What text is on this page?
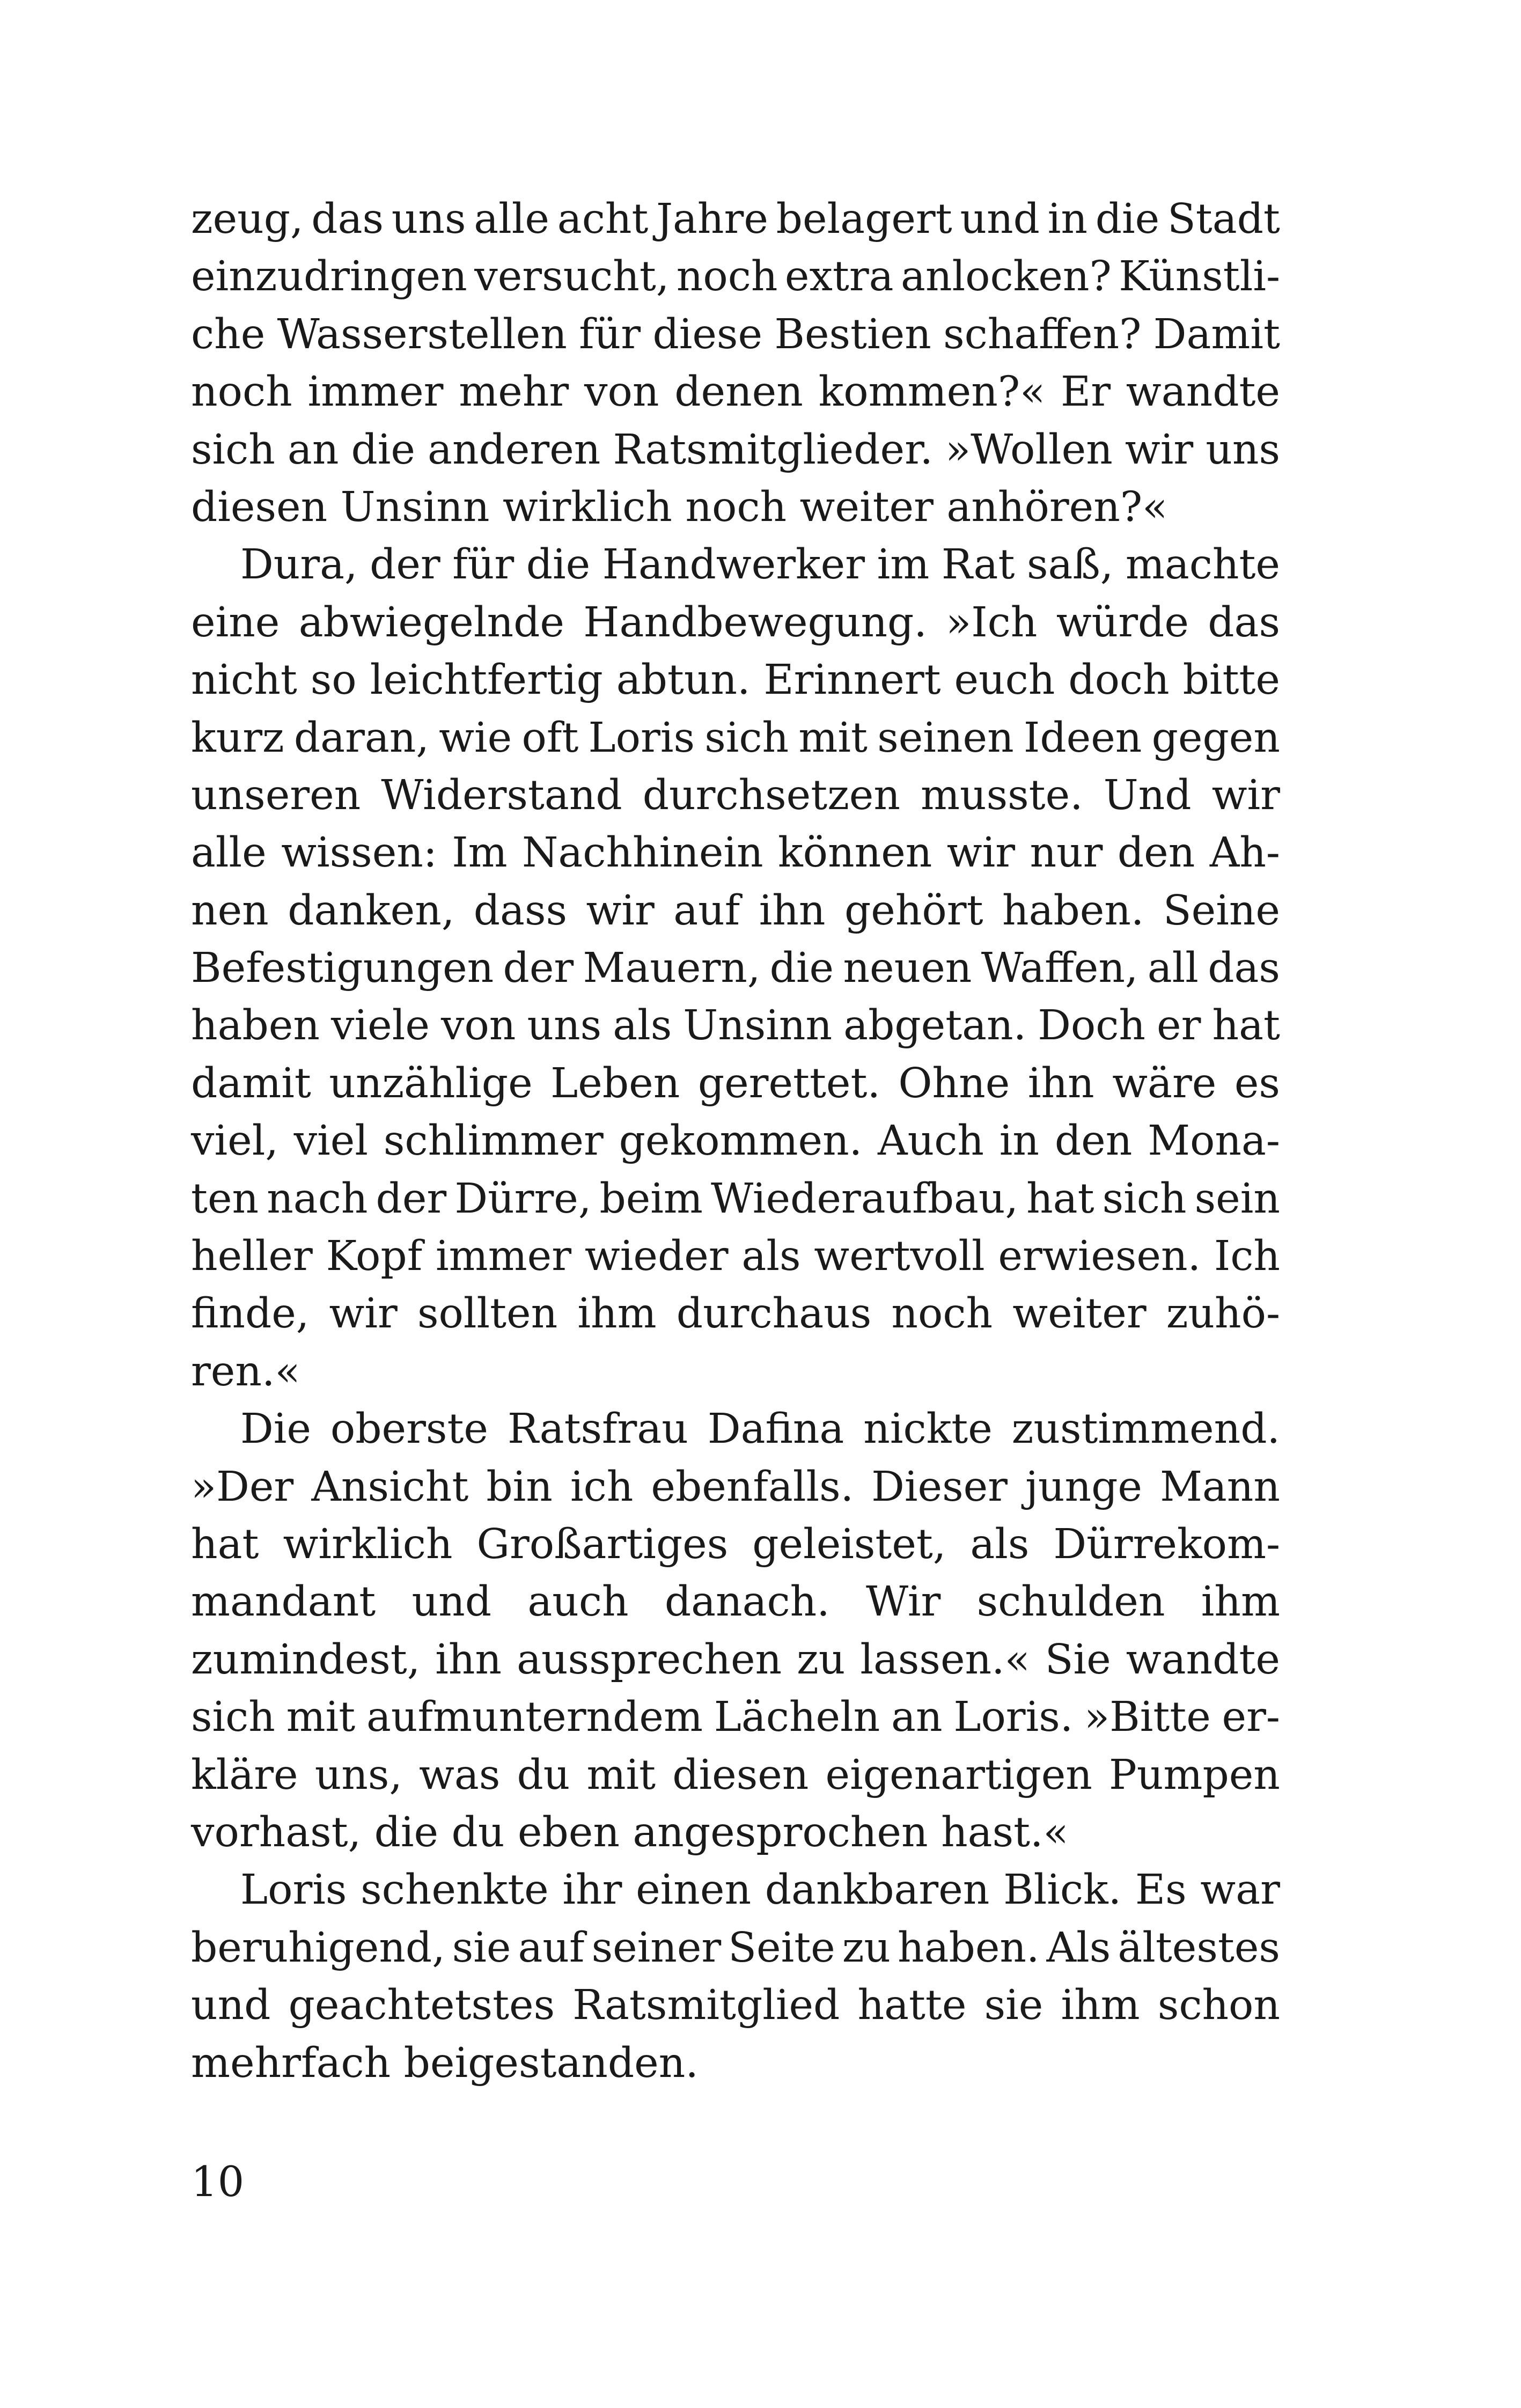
zeug, das uns alle acht Jahre belagert und in die Stadt
einzudringen versucht, noch extra anlocken? Künstli-
che Wasserstellen für diese Bestien schaffen? Damit
noch immer mehr von denen kommen?« Er wandte
sich an die anderen Ratsmitglieder. »Wollen wir uns
diesen Unsinn wirklich noch weiter anhören?«
Dura, der für die Handwerker im Rat saß, machte
eine abwiegelnde Handbewegung. »Ich würde das
nicht so leichtfertig abtun. Erinnert euch doch bitte
kurz daran, wie oft Loris sich mit seinen Ideen gegen
unseren Widerstand durchsetzen musste. Und wir
alle wissen: Im Nachhinein können wir nur den Ah-
nen danken, dass wir auf ihn gehört haben. Seine
Befestigungen der Mauern, die neuen Waffen, all das
haben viele von uns als Unsinn abgetan. Doch er hat
damit unzählige Leben gerettet. Ohne ihn wäre es
viel, viel schlimmer gekommen. Auch in den Mona-
ten nach der Dürre, beim Wiederaufbau, hat sich sein
heller Kopf immer wieder als wertvoll erwiesen. Ich
finde, wir sollten ihm durchaus noch weiter zuhö-
ren.«
Die oberste Ratsfrau Dafina nickte zustimmend.
»Der Ansicht bin ich ebenfalls. Dieser junge Mann
hat wirklich Großartiges geleistet, als Dürrekom-
mandant und auch danach. Wir schulden ihm
zumindest, ihn aussprechen zu lassen.« Sie wandte
sich mit aufmunterndem Lächeln an Loris. »Bitte er-
kläre uns, was du mit diesen eigenartigen Pumpen
vorhast, die du eben angesprochen hast.«
Loris schenkte ihr einen dankbaren Blick. Es war
beruhigend, sie auf seiner Seite zu haben. Als ältestes
und geachtetstes Ratsmitglied hatte sie ihm schon
mehrfach beigestanden.
10
